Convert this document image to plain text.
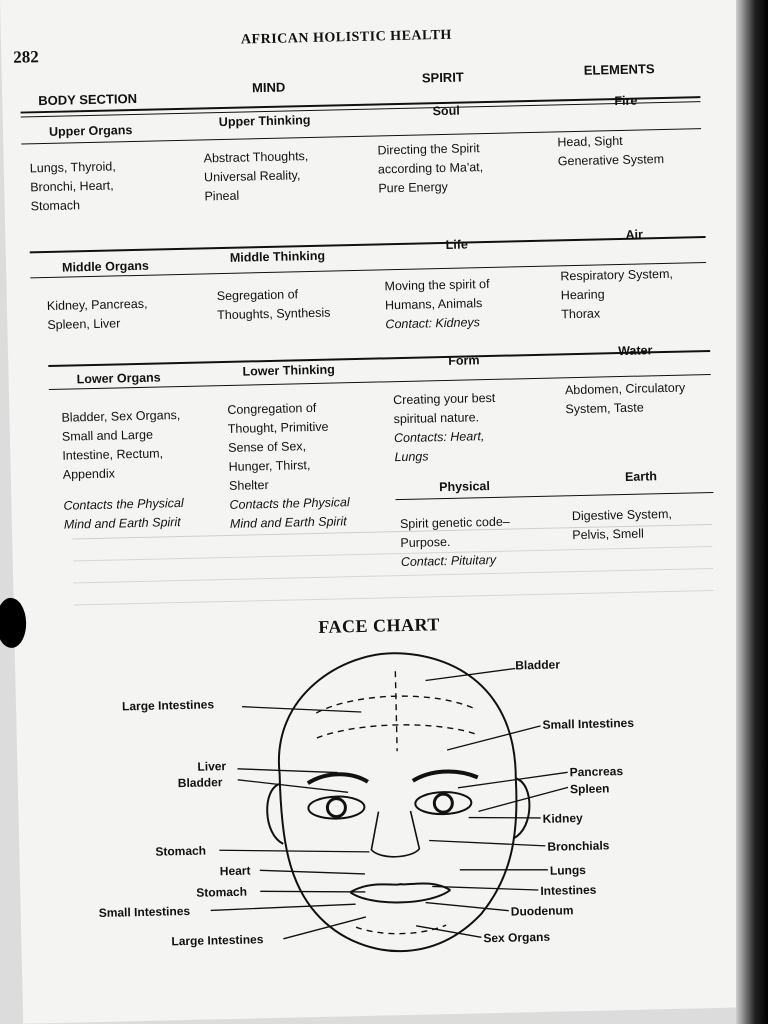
282
AFRICAN HOLISTIC HEALTH
BODY SECTION
MIND
SPIRIT	ELEMENTS
Upper Organs
Upper Thinking
Soul
Fire
Lungs, Thyroid,
Bronchi, Heart,
Stomach
Abstract Thoughts,
Universal Reality,
Pineal
Directing the Spirit
according to Ma'at,
Pure Energy
Head, Sight
Generative System
Middle Organs
Middle Thinking
Life
Air
Kidney, Pancreas,
Spleen, Liver
Segregation of
Thoughts, Synthesis
Moving the spirit of
Humans, Animals
Contact: Kidneys
Respiratory System,
Hearing
Thorax
Lower Organs	Lower Thinking
Form
Water
Bladder, Sex Organs,
Small and Large
Intestine, Rectum,
Appendix
Contacts the Physical
Mind and Earth Spirit
Congregation of
Thought, Primitive
Sense of Sex,
Hunger, Thirst,
Shelter
Contacts the Physical
Mind and Earth Spirit
Creating your best
spiritual nature.
Contacts: Heart,
Lungs
Abdomen, Circulatory
System, Taste
Physical
Earth
Spirit genetic code–
Purpose.
Contact: Pituitary
Digestive System,
Pelvis, Smell
FACE CHART
Large Intestines
Liver
Bladder
Stomach
Heart
Stomach
Small Intestines
Large Intestines
Bladder
Small Intestines
Pancreas
Spleen
Kidney
Bronchials
Lungs
Intestines
Duodenum
Sex Organs
